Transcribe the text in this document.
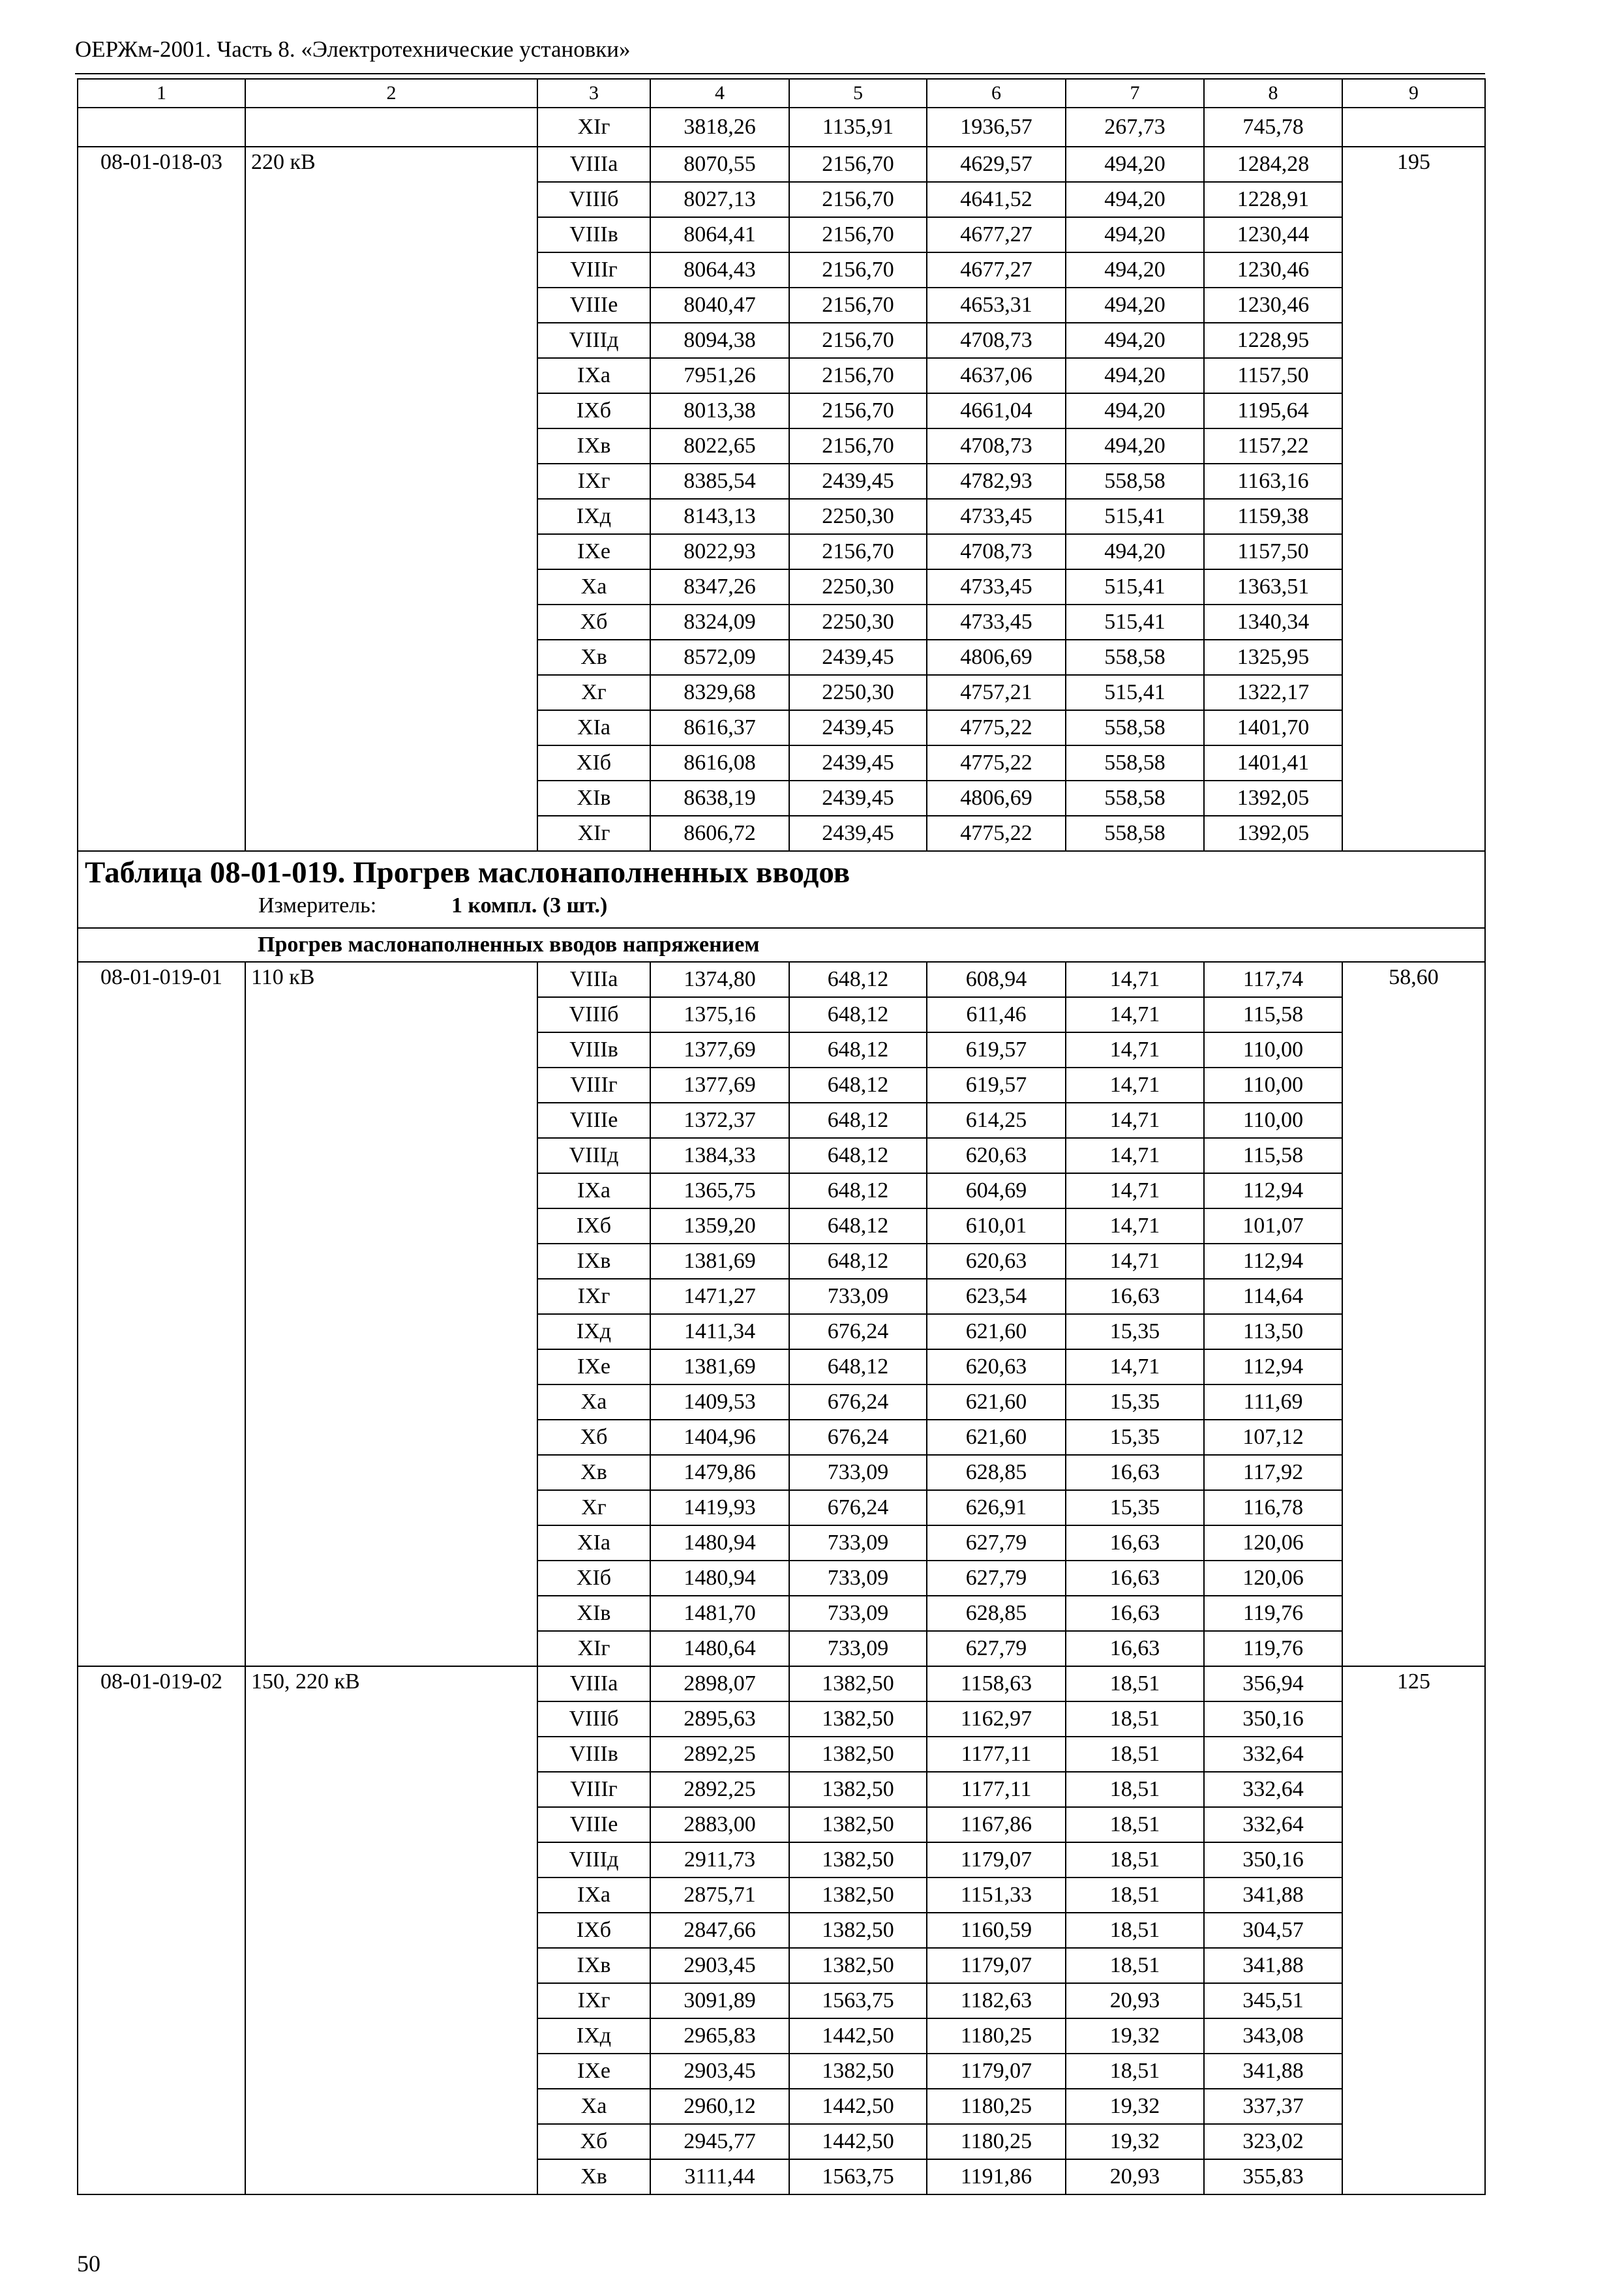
ОЕРЖм-2001. Часть 8. «Электротехнические установки»
1	2	3	4	5	6	7	8	9
		XIг	3818,26	1135,91	1936,57	267,73	745,78	
08-01-018-03	220 кВ	VIIIа	8070,55	2156,70	4629,57	494,20	1284,28	195
		VIIIб	8027,13	2156,70	4641,52	494,20	1228,91	
		VIIIв	8064,41	2156,70	4677,27	494,20	1230,44	
		VIIIг	8064,43	2156,70	4677,27	494,20	1230,46	
		VIIIе	8040,47	2156,70	4653,31	494,20	1230,46	
		VIIIд	8094,38	2156,70	4708,73	494,20	1228,95	
		IXа	7951,26	2156,70	4637,06	494,20	1157,50	
		IXб	8013,38	2156,70	4661,04	494,20	1195,64	
		IXв	8022,65	2156,70	4708,73	494,20	1157,22	
		IXг	8385,54	2439,45	4782,93	558,58	1163,16	
		IXд	8143,13	2250,30	4733,45	515,41	1159,38	
		IXе	8022,93	2156,70	4708,73	494,20	1157,50	
		Xа	8347,26	2250,30	4733,45	515,41	1363,51	
		Xб	8324,09	2250,30	4733,45	515,41	1340,34	
		Xв	8572,09	2439,45	4806,69	558,58	1325,95	
		Xг	8329,68	2250,30	4757,21	515,41	1322,17	
		XIа	8616,37	2439,45	4775,22	558,58	1401,70	
		XIб	8616,08	2439,45	4775,22	558,58	1401,41	
		XIв	8638,19	2439,45	4806,69	558,58	1392,05	
		XIг	8606,72	2439,45	4775,22	558,58	1392,05	

Таблица 08-01-019. Прогрев маслонаполненных вводов
Измеритель: 1 компл. (3 шт.)								

Прогрев маслонаполненных вводов напряжением								
08-01-019-01	110 кВ	VIIIа	1374,80	648,12	608,94	14,71	117,74	58,60
		VIIIб	1375,16	648,12	611,46	14,71	115,58	
		VIIIв	1377,69	648,12	619,57	14,71	110,00	
		VIIIг	1377,69	648,12	619,57	14,71	110,00	
		VIIIе	1372,37	648,12	614,25	14,71	110,00	
		VIIIд	1384,33	648,12	620,63	14,71	115,58	
		IXа	1365,75	648,12	604,69	14,71	112,94	
		IXб	1359,20	648,12	610,01	14,71	101,07	
		IXв	1381,69	648,12	620,63	14,71	112,94	
		IXг	1471,27	733,09	623,54	16,63	114,64	
		IXд	1411,34	676,24	621,60	15,35	113,50	
		IXе	1381,69	648,12	620,63	14,71	112,94	
		Xа	1409,53	676,24	621,60	15,35	111,69	
		Xб	1404,96	676,24	621,60	15,35	107,12	
		Xв	1479,86	733,09	628,85	16,63	117,92	
		Xг	1419,93	676,24	626,91	15,35	116,78	
		XIа	1480,94	733,09	627,79	16,63	120,06	
		XIб	1480,94	733,09	627,79	16,63	120,06	
		XIв	1481,70	733,09	628,85	16,63	119,76	
		XIг	1480,64	733,09	627,79	16,63	119,76	
08-01-019-02	150, 220 кВ	VIIIа	2898,07	1382,50	1158,63	18,51	356,94	125
		VIIIб	2895,63	1382,50	1162,97	18,51	350,16	
		VIIIв	2892,25	1382,50	1177,11	18,51	332,64	
		VIIIг	2892,25	1382,50	1177,11	18,51	332,64	
		VIIIе	2883,00	1382,50	1167,86	18,51	332,64	
		VIIIд	2911,73	1382,50	1179,07	18,51	350,16	
		IXа	2875,71	1382,50	1151,33	18,51	341,88	
		IXб	2847,66	1382,50	1160,59	18,51	304,57	
		IXв	2903,45	1382,50	1179,07	18,51	341,88	
		IXг	3091,89	1563,75	1182,63	20,93	345,51	
		IXд	2965,83	1442,50	1180,25	19,32	343,08	
		IXе	2903,45	1382,50	1179,07	18,51	341,88	
		Xа	2960,12	1442,50	1180,25	19,32	337,37	
		Xб	2945,77	1442,50	1180,25	19,32	323,02	
		Xв	3111,44	1563,75	1191,86	20,93	355,83	
50
